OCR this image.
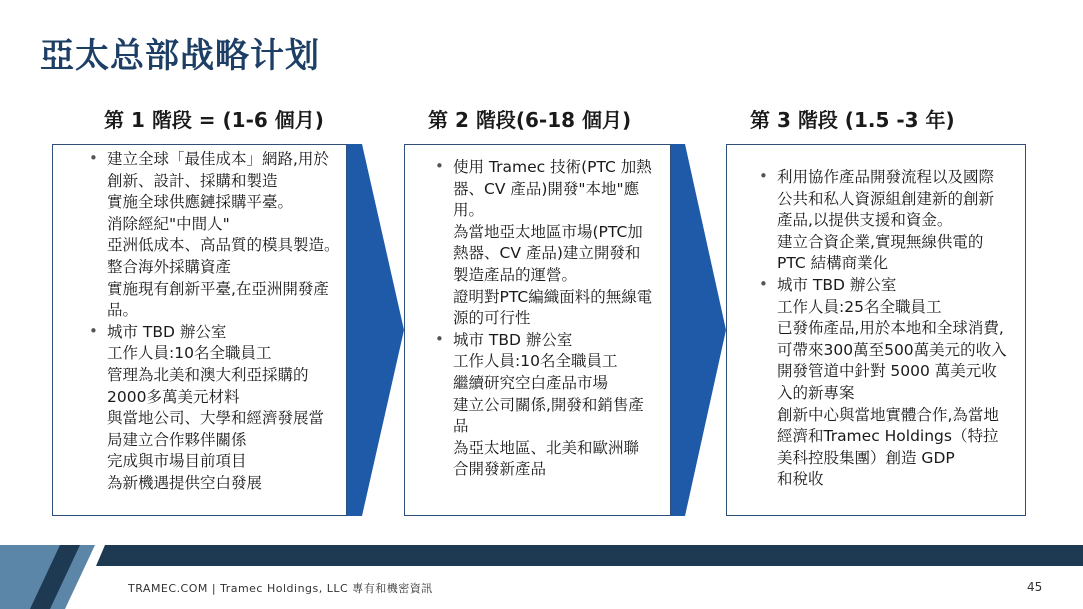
亞太总部战略计划
第 1 階段 = (1-6 個月)	第 2 階段(6-18 個月)	第 3 階段 (1.5 -3 年)
• 建立全球「最佳成本」網路,用於
創新、設計、採購和製造
實施全球供應鏈採購平臺。
消除經紀"中間人"
亞洲低成本、高品質的模具製造。
整合海外採購資產
實施現有創新平臺,在亞洲開發產
品。
• 城市 TBD 辦公室
工作人員:10名全職員工
管理為北美和澳大利亞採購的
2000多萬美元材料
與當地公司、大學和經濟發展當
局建立合作夥伴關係
完成與市場目前項目
為新機遇提供空白發展
• 使用 Tramec 技術(PTC 加熱
器、CV 產品)開發"本地"應
用。
為當地亞太地區市場(PTC加
熱器、CV 產品)建立開發和
製造產品的運營。
證明對PTC編織面料的無線電
源的可行性
• 城市 TBD 辦公室
工作人員:10名全職員工
繼續研究空白產品市場
建立公司關係,開發和銷售產
品
為亞太地區、北美和歐洲聯
合開發新產品
• 利用協作產品開發流程以及國際
公共和私人資源組創建新的創新
產品,以提供支援和資金。
建立合資企業,實現無線供電的
PTC 結構商業化
• 城市 TBD 辦公室
工作人員:25名全職員工
已發佈產品,用於本地和全球消費,
可帶來300萬至500萬美元的收入
開發管道中針對 5000 萬美元收
入的新專案
創新中心與當地實體合作,為當地
經濟和Tramec Holdings（特拉
美科控股集團）創造 GDP
和稅收
TRAMEC.COM | Tramec Holdings, LLC 專有和機密資訊	45
